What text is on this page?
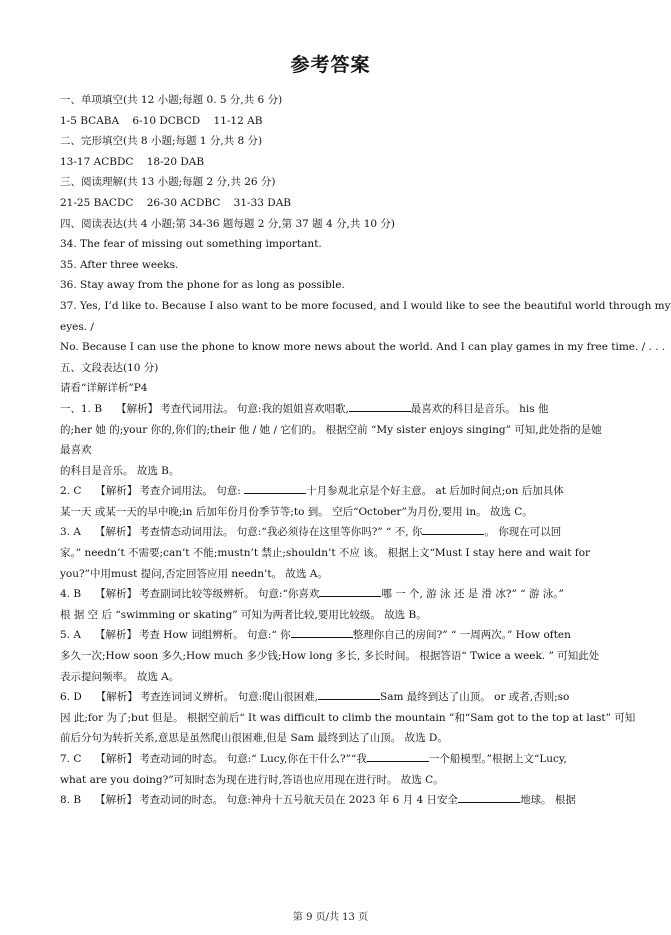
参考答案
一、单项填空(共 12 小题;每题 0. 5 分,共 6 分)
1-5 BCABA    6-10 DCBCD    11-12 AB
二、完形填空(共 8 小题;每题 1 分,共 8 分)
13-17 ACBDC    18-20 DAB
三、阅读理解(共 13 小题;每题 2 分,共 26 分)
21-25 BACDC    26-30 ACDBC    31-33 DAB
四、阅读表达(共 4 小题;第 34-36 题每题 2 分,第 37 题 4 分,共 10 分)
34. The fear of missing out something important.
35. After three weeks.
36. Stay away from the phone for as long as possible.
37. Yes, I’d like to. Because I also want to be more focused, and I would like to see the beautiful world through my
eyes. /
No. Because I can use the phone to know more news about the world. And I can play games in my free time. / . . .
五、文段表达(10 分)
请看“详解详析”P4
一、1. B 【解析】 考查代词用法。 句意:我的姐姐喜欢唱歌,	最喜欢的科目是音乐。 his 他
的;her 她 的;your 你的,你们的;their 他 / 她 / 它们的。 根据空前 “My sister enjoys singing” 可知,此处指的是她
最喜欢
的科目是音乐。 故选 B。
2. C 【解析】 考查介词用法。 句意:	十月参观北京是个好主意。 at 后加时间点;on 后加具体
某一天 或某一天的早中晚;in 后加年份月份季节等;to 到。 空后“October”为月份,要用 in。 故选 C。
3. A 【解析】 考查情态动词用法。 句意:“我必须待在这里等你吗?” “ 不, 你	。 你现在可以回
家。” needn’t 不需要;can’t 不能;mustn’t 禁止;shouldn’t 不应 该。 根据上文“Must I stay here and wait for
you?”中用must 提问,否定回答应用 needn’t。 故选 A。
4. B 【解析】 考查副词比较等级辨析。 句意:“你喜欢	哪 一 个, 游 泳 还 是 滑 冰?” “ 游 泳。”
根 据 空 后 “swimming or skating” 可知为两者比较,要用比较级。 故选 B。
5. A 【解析】 考查 How 词组辨析。 句意:“ 你	整理你自己的房间?” “ 一周两次。” How often
多久一次;How soon 多久;How much 多少钱;How long 多长, 多长时间。 根据答语“ Twice a week. ” 可知此处
表示提问频率。 故选 A。
6. D 【解析】 考查连词词义辨析。 句意:爬山很困难,	Sam 最终到达了山顶。 or 或者,否则;so
因 此;for 为了;but 但是。 根据空前后“ It was difficult to climb the mountain ”和“Sam got to the top at last” 可知
前后分句为转折关系,意思是虽然爬山很困难,但是 Sam 最终到达了山顶。 故选 D。
7. C 【解析】 考查动词的时态。 句意:“ Lucy,你在干什么?”“我	一个船模型。”根据上文“Lucy,
what are you doing?”可知时态为现在进行时,答语也应用现在进行时。 故选 C。
8. B 【解析】 考查动词的时态。 句意:神舟十五号航天员在 2023 年 6 月 4 日安全	地球。 根据
第 9 页/共 13 页
